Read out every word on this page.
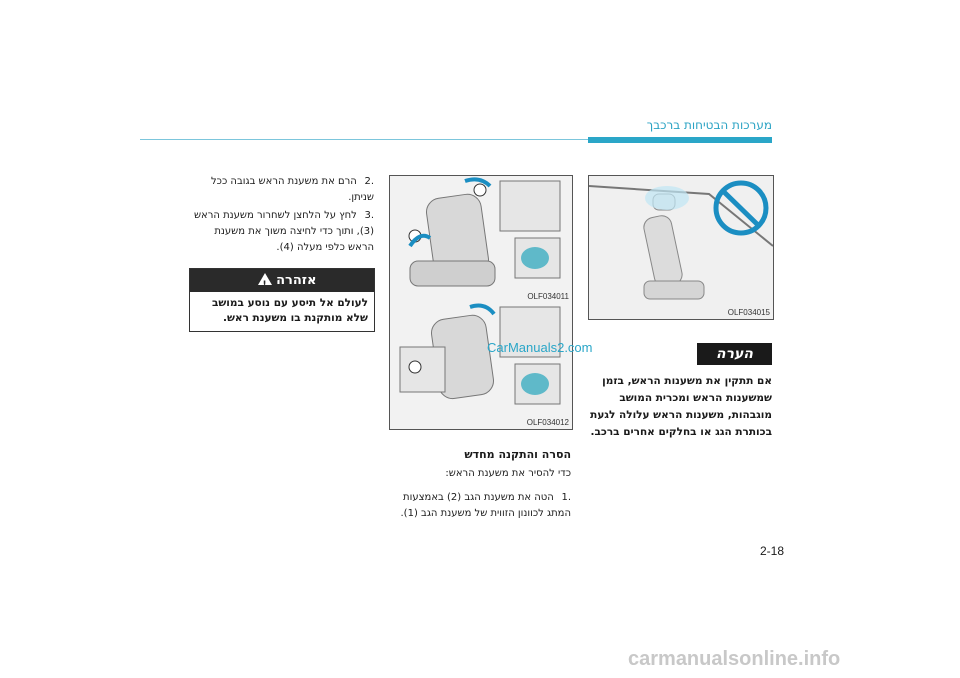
מערכות הבטיחות ברכבך
OLF034015
הערה
אם תתקין את משענות הראש, בזמן שמשענות הראש ומכרית המושב מוגבהות, משענות הראש עלולה לגעת בכותרת הגג או בחלקים אחרים ברכב.
OLF034011
OLF034012
CarManuals2.com
הסרה והתקנה מחדש
כדי להסיר את משענת הראש:
.1 הטה את משענת הגב (2) באמצעות המתג לכוונון הזווית של משענת הגב (1).
.2 הרם את משענת הראש בגובה ככל שניתן.
.3 לחץ על הלחצן לשחרור משענת הראש (3), ותוך כדי לחיצה משוך את משענת הראש כלפי מעלה (4).
אזהרה !
לעולם אל תיסע עם נוסע במושב שלא מותקנת בו משענת ראש.
2-18
carmanualsonline.info
